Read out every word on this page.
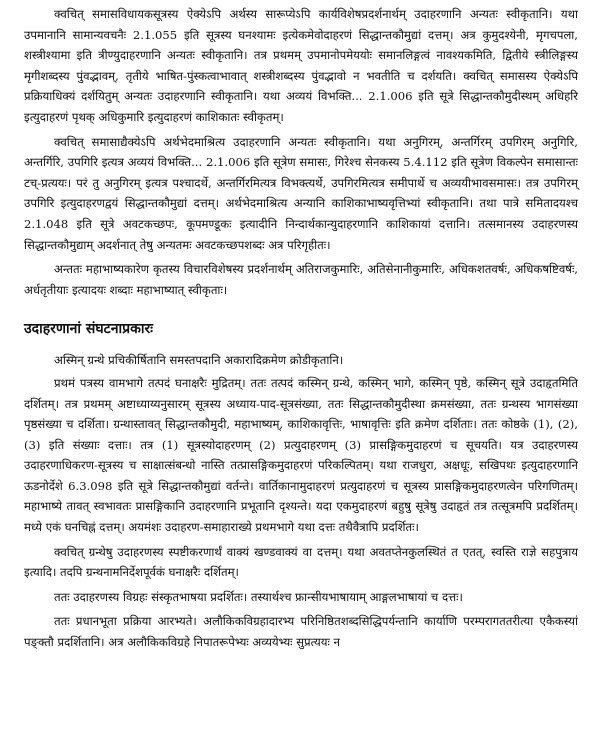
क्वचित् समासविधायकसूत्रस्य ऐक्येऽपि अर्थस्य सारूप्येऽपि कार्यविशेषप्रदर्शनार्थम् उदाहरणानि अन्यतः स्वीकृतानि। यथा उपमानानि सामान्यवचनैः 2.1.055 इति सूत्रस्य घनश्यामः इत्येकमेवोदाहरणं सिद्धान्तकौमुद्यां दत्तम्। अत्र कुमुदश्येनी, मृगचपला, शस्त्रीश्यामा इति त्रीण्युदाहरणानि अन्यतः स्वीकृतानि। तत्र प्रथमम् उपमानोपमेययोः समानलिङ्गत्वं नावश्यकमिति, द्वितीये स्त्रीलिङ्गस्य मृगीशब्दस्य पुंवद्भावम्, तृतीये भाषित-पुंस्कत्वाभावात् शस्त्रीशब्दस्य पुंवद्भावो न भवतीति च दर्शयति। क्वचित् समासस्य ऐक्येऽपि प्रक्रियाधिक्यं दर्शयितुम् अन्यतः उदाहरणानि स्वीकृतानि। यथा अव्ययं विभक्ति... 2.1.006 इति सूत्रे सिद्धान्तकौमुदीस्थम् अधिहरि इत्युदाहरणं पृथक् अधिकुमारि इत्युदाहरणं काशिकातः स्वीकृतम्।

क्वचित् समासाद्यैक्येऽपि अर्थभेदमाश्रित्य उदाहरणानि अन्यतः स्वीकृतानि। यथा अनुगिरम्, अन्तर्गिरम् उपगिरम् अनुगिरि, अन्तर्गिरि, उपगिरि इत्यत्र अव्ययं विभक्ति... 2.1.006 इति सूत्रेण समासः, गिरेश्च सेनकस्य 5.4.112 इति सूत्रेण विकल्पेन समासान्तः टच्-प्रत्ययः। परं तु अनुगिरम् इत्यत्र पश्चादर्थे, अन्तर्गिरमित्यत्र विभक्त्यर्थे, उपगिरमित्यत्र समीपार्थे च अव्ययीभावसमासः। तत्र उपगिरम् उपगिरि इत्युदाहरणद्वयं सिद्धान्तकौमुद्यां दत्तम्। अर्थभेदमाश्रित्य अन्यानि काशिकाभाष्यवृत्तिभ्यां स्वीकृतानि। तथा पात्रे समितादयश्च 2.1.048 इति सूत्रे अवटकच्छपः, कूपमण्डूकः इत्यादीनि निन्दार्थकान्युदाहरणानि काशिकायां दत्तानि। तत्समानस्य उदाहरणस्य सिद्धान्तकौमुद्याम् अदर्शनात् तेषु अन्यतमः अवटकच्छपशब्दः अत्र परिगृहीतः।

अन्ततः महाभाष्यकारेण कृतस्य विचारविशेषस्य प्रदर्शनार्थम् अतिराजकुमारिः, अतिसेनानीकुमारिः, अधिकशतवर्षः, अधिकषष्टिवर्षः, अर्धतृतीयाः इत्यादयः शब्दाः महाभाष्यात् स्वीकृताः।

उदाहरणानां संघटनाप्रकारः

अस्मिन् ग्रन्थे प्रचिकीर्षितानि समस्तपदानि अकारादिक्रमेण क्रोडीकृतानि।

प्रथमं पत्रस्य वामभागे तत्पदं घनाक्षरैः मुद्रितम्। ततः तत्पदं कस्मिन् ग्रन्थे, कस्मिन् भागे, कस्मिन् पृष्ठे, कस्मिन् सूत्रे उदाहृतमिति दर्शितम्। तत्र प्रथमम् अष्टाध्याय्यनुसारम् सूत्रस्य अध्याय-पाद-सूत्रसंख्या, ततः सिद्धान्तकौमुदीस्था क्रमसंख्या, ततः ग्रन्थस्य भागसंख्या पृष्ठसंख्या च दर्शिता। ग्रन्थास्तावत् सिद्धान्तकौमुदी, महाभाष्यम्, काशिकावृत्तिः, भाषावृत्तिः इति क्रमेण दर्शिताः। ततः कोष्ठके (1), (2), (3) इति संख्याः दत्ताः। तत्र (1) सूत्रस्योदाहरणम् (2) प्रत्युदाहरणम् (3) प्रासङ्गिकमुदाहरणं च सूचयति। यत्र उदाहरणस्य उदाहरणाधिकरण-सूत्रस्य च साक्षात्संबन्धो नास्ति तत्प्रासङ्गिकमुदाहरणं परिकल्पितम्। यथा राजधुरा, अक्षधूः, सखिपथः इत्युदाहरणानि ऊडनोर्देशे 6.3.098 इति सूत्रे सिद्धान्तकौमुद्यां वर्तन्ते। वार्तिकानामुदाहरणं प्रत्युदाहरणं च सूत्रस्य प्रासङ्गिकमुदाहरणत्वेन परिगणितम्। महाभाष्ये तावत् स्वभावतः प्रासङ्गिकानि उदाहरणानि प्रभूतानि दृश्यन्ते। यदा एकमुदाहरणं बहुषु सूत्रेषु उदाहृतं तत्र तत्सूत्रमपि प्रदर्शितम्। मध्ये एकं घनचिह्नं दत्तम्। अयमंशः उदाहरण-समाहाराख्ये प्रथमभागे यथा दत्तः तथैवैत्रापि प्रदर्शितः।

क्वचित् ग्रन्थेषु उदाहरणस्य स्पष्टीकरणार्थं वाक्यं खण्डवाक्यं वा दत्तम्। यथा अवतप्तेनकुलस्थितं त एतत्, स्वस्ति राज्ञे सहपुत्राय इत्यादि। तदपि ग्रन्थनामनिर्देशपूर्वकं घनाक्षरैः दर्शितम्।

ततः उदाहरणस्य विग्रहः संस्कृतभाषया प्रदर्शितः। तस्यार्थश्च फ्रान्सीयभाषायाम् आङ्गलभाषायां च दत्तः।

ततः प्रधानभूता प्रक्रिया आरभ्यते। अलौकिकविग्रहादारभ्य परिनिष्ठितशब्दसिद्धिपर्यन्तानि कार्याणि परम्परागततरीत्या एकैकस्यां पङ्क्तौ प्रदर्शितानि। अत्र अलौकिकविग्रहे निपातरूपेभ्यः अव्ययेभ्यः सुप्रत्ययः न
